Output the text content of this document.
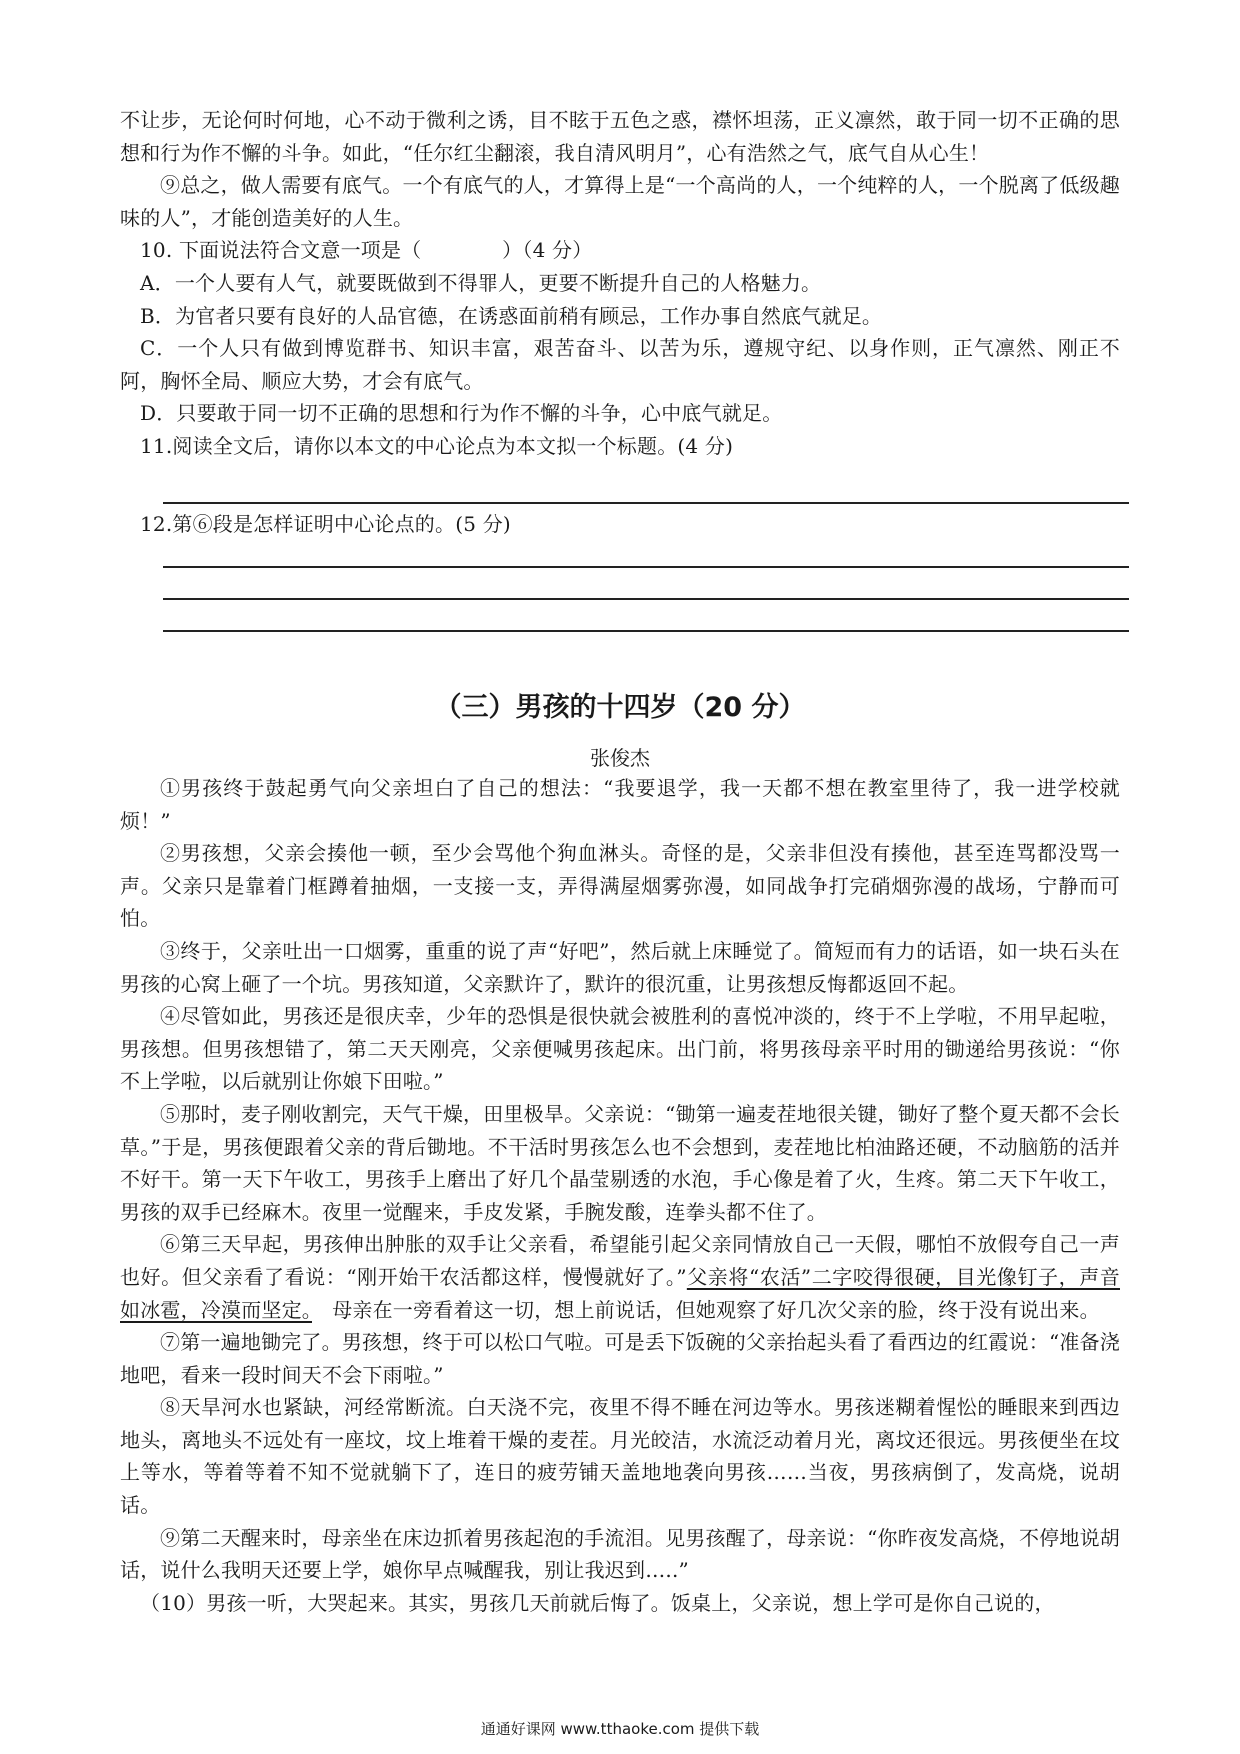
不让步，无论何时何地，心不动于微利之诱，目不眩于五色之惑，襟怀坦荡，正义凛然，敢于同一切不正确的思想和行为作不懈的斗争。如此，“任尔红尘翻滚，我自清风明月”，心有浩然之气，底气自从心生！

⑨总之，做人需要有底气。一个有底气的人，才算得上是“一个高尚的人，一个纯粹的人，一个脱离了低级趣味的人”，才能创造美好的人生。

10. 下面说法符合文意一项是（　　　　）（4 分）

A．一个人要有人气，就要既做到不得罪人，更要不断提升自己的人格魅力。

B．为官者只要有良好的人品官德，在诱惑面前稍有顾忌，工作办事自然底气就足。

C．一个人只有做到博览群书、知识丰富，艰苦奋斗、以苦为乐，遵规守纪、以身作则，正气凛然、刚正不阿，胸怀全局、顺应大势，才会有底气。

D．只要敢于同一切不正确的思想和行为作不懈的斗争，心中底气就足。

11.阅读全文后，请你以本文的中心论点为本文拟一个标题。(4 分)

12.第⑥段是怎样证明中心论点的。(5 分)

（三）男孩的十四岁（20 分）
张俊杰

①男孩终于鼓起勇气向父亲坦白了自己的想法：“我要退学，我一天都不想在教室里待了，我一进学校就烦！”

②男孩想，父亲会揍他一顿，至少会骂他个狗血淋头。奇怪的是，父亲非但没有揍他，甚至连骂都没骂一声。父亲只是靠着门框蹲着抽烟，一支接一支，弄得满屋烟雾弥漫，如同战争打完硝烟弥漫的战场，宁静而可怕。

③终于，父亲吐出一口烟雾，重重的说了声“好吧”，然后就上床睡觉了。简短而有力的话语，如一块石头在男孩的心窝上砸了一个坑。男孩知道，父亲默许了，默许的很沉重，让男孩想反悔都返回不起。

④尽管如此，男孩还是很庆幸，少年的恐惧是很快就会被胜利的喜悦冲淡的，终于不上学啦，不用早起啦，男孩想。但男孩想错了，第二天天刚亮，父亲便喊男孩起床。出门前，将男孩母亲平时用的锄递给男孩说：“你不上学啦，以后就别让你娘下田啦。”

⑤那时，麦子刚收割完，天气干燥，田里极旱。父亲说：“锄第一遍麦茬地很关键，锄好了整个夏天都不会长草。”于是，男孩便跟着父亲的背后锄地。不干活时男孩怎么也不会想到，麦茬地比柏油路还硬，不动脑筋的活并不好干。第一天下午收工，男孩手上磨出了好几个晶莹剔透的水泡，手心像是着了火，生疼。第二天下午收工，男孩的双手已经麻木。夜里一觉醒来，手皮发紧，手腕发酸，连拳头都不住了。

⑥第三天早起，男孩伸出肿胀的双手让父亲看，希望能引起父亲同情放自己一天假，哪怕不放假夸自己一声也好。但父亲看了看说：“刚开始干农活都这样，慢慢就好了。”父亲将“农活”二字咬得很硬，目光像钉子，声音如冰雹，冷漠而坚定。　母亲在一旁看着这一切，想上前说话，但她观察了好几次父亲的脸，终于没有说出来。

⑦第一遍地锄完了。男孩想，终于可以松口气啦。可是丢下饭碗的父亲抬起头看了看西边的红霞说：“准备浇地吧，看来一段时间天不会下雨啦。”

⑧天旱河水也紧缺，河经常断流。白天浇不完，夜里不得不睡在河边等水。男孩迷糊着惺忪的睡眼来到西边地头，离地头不远处有一座坟，坟上堆着干燥的麦茬。月光皎洁，水流泛动着月光，离坟还很远。男孩便坐在坟上等水，等着等着不知不觉就躺下了，连日的疲劳铺天盖地地袭向男孩……当夜，男孩病倒了，发高烧，说胡话。

⑨第二天醒来时，母亲坐在床边抓着男孩起泡的手流泪。见男孩醒了，母亲说：“你昨夜发高烧，不停地说胡话，说什么我明天还要上学，娘你早点喊醒我，别让我迟到…..”

（10）男孩一听，大哭起来。其实，男孩几天前就后悔了。饭桌上，父亲说，想上学可是你自己说的，

通通好课网 www.tthaoke.com 提供下载
